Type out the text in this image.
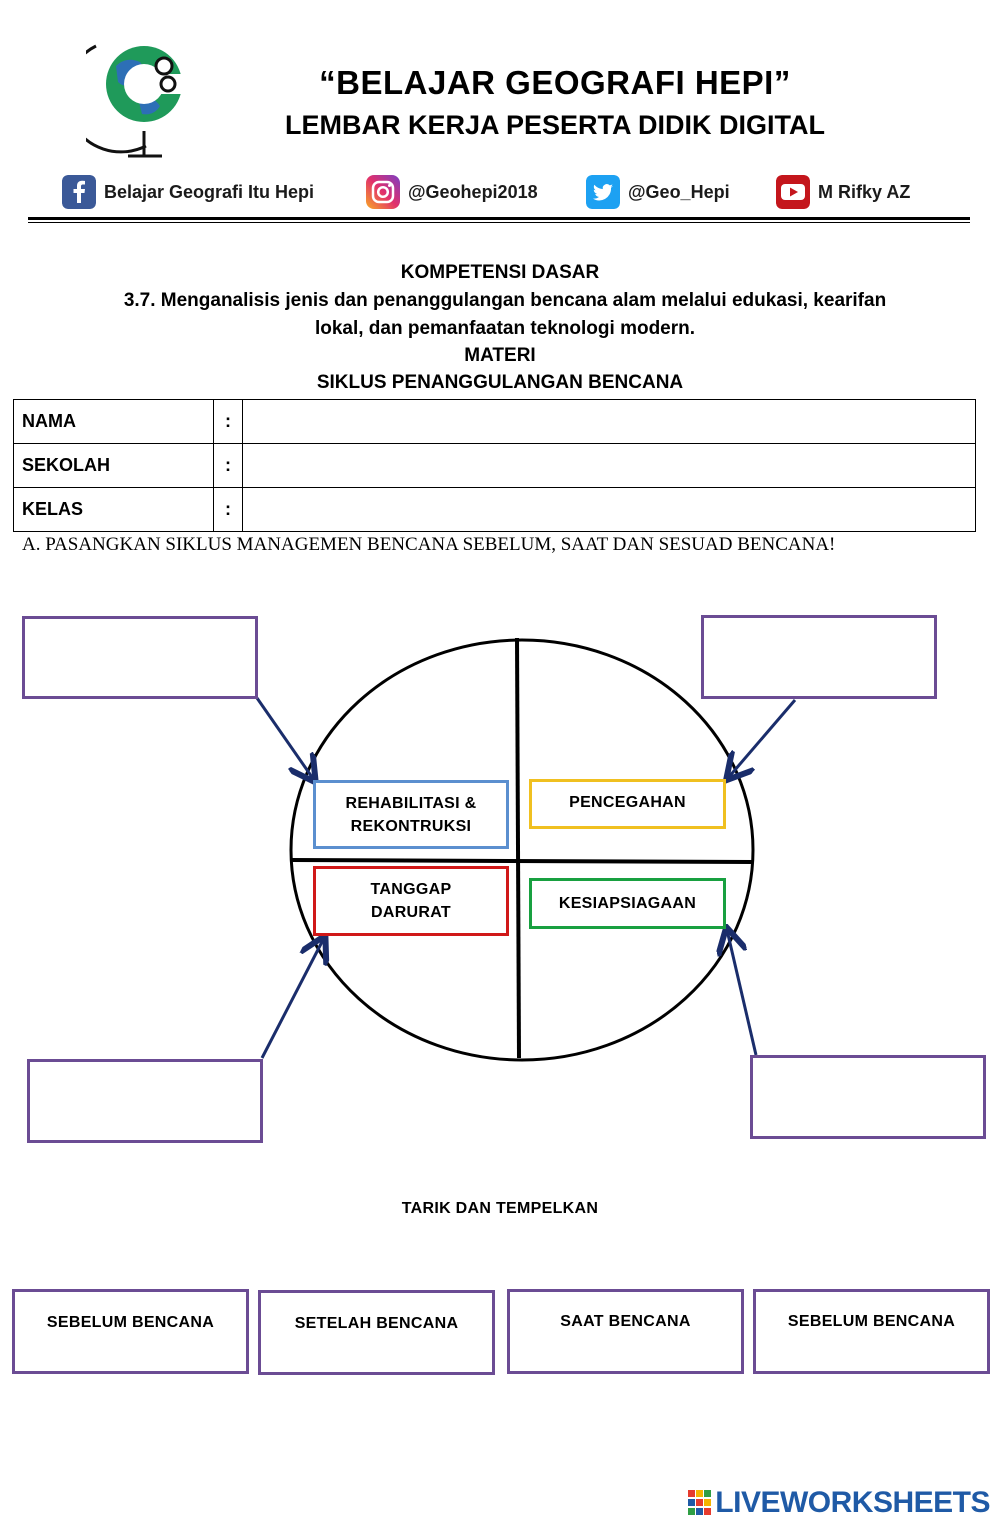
“BELAJAR GEOGRAFI HEPI”
LEMBAR KERJA PESERTA DIDIK DIGITAL
Belajar Geografi Itu Hepi	@Geohepi2018	@Geo_Hepi	M Rifky AZ
KOMPETENSI DASAR
3.7. Menganalisis jenis dan penanggulangan bencana alam melalui edukasi, kearifan
lokal, dan pemanfaatan teknologi modern.
MATERI
SIKLUS PENANGGULANGAN BENCANA
NAMA	:	
SEKOLAH	:	
KELAS	:	
A. PASANGKAN SIKLUS MANAGEMEN BENCANA SEBELUM, SAAT DAN SESUAD BENCANA!
REHABILITASI &
REKONTRUKSI
PENCEGAHAN
TANGGAP
DARURAT
KESIAPSIAGAAN
TARIK DAN TEMPELKAN
SEBELUM BENCANA	SETELAH BENCANA	SAAT BENCANA	SEBELUM BENCANA
LIVEWORKSHEETS
